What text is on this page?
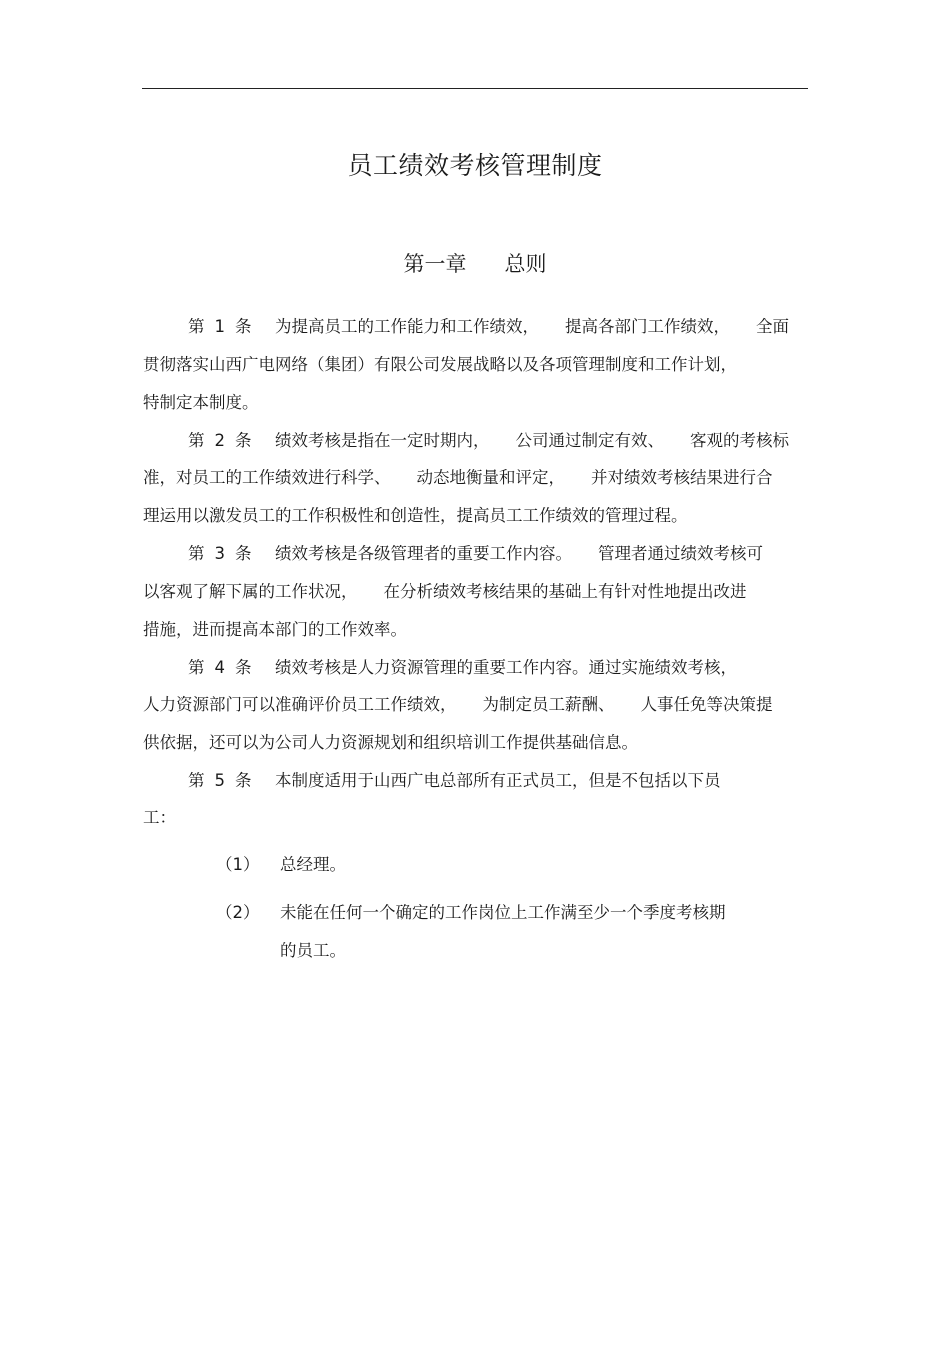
员工绩效考核管理制度
第一章 总则
第 1 条 为提高员工的工作能力和工作绩效， 提高各部门工作绩效， 全面
贯彻落实山西广电网络（集团）有限公司发展战略以及各项管理制度和工作计划，
特制定本制度。
第 2 条 绩效考核是指在一定时期内， 公司通过制定有效、 客观的考核标
准，对员工的工作绩效进行科学、 动态地衡量和评定， 并对绩效考核结果进行合
理运用以激发员工的工作积极性和创造性，提高员工工作绩效的管理过程。
第 3 条 绩效考核是各级管理者的重要工作内容。 管理者通过绩效考核可
以客观了解下属的工作状况， 在分析绩效考核结果的基础上有针对性地提出改进
措施，进而提高本部门的工作效率。
第 4 条 绩效考核是人力资源管理的重要工作内容。通过实施绩效考核，
人力资源部门可以准确评价员工工作绩效， 为制定员工薪酬、 人事任免等决策提
供依据，还可以为公司人力资源规划和组织培训工作提供基础信息。
第 5 条 本制度适用于山西广电总部所有正式员工，但是不包括以下员
工：
（1） 总经理。
（2） 未能在任何一个确定的工作岗位上工作满至少一个季度考核期
的员工。
